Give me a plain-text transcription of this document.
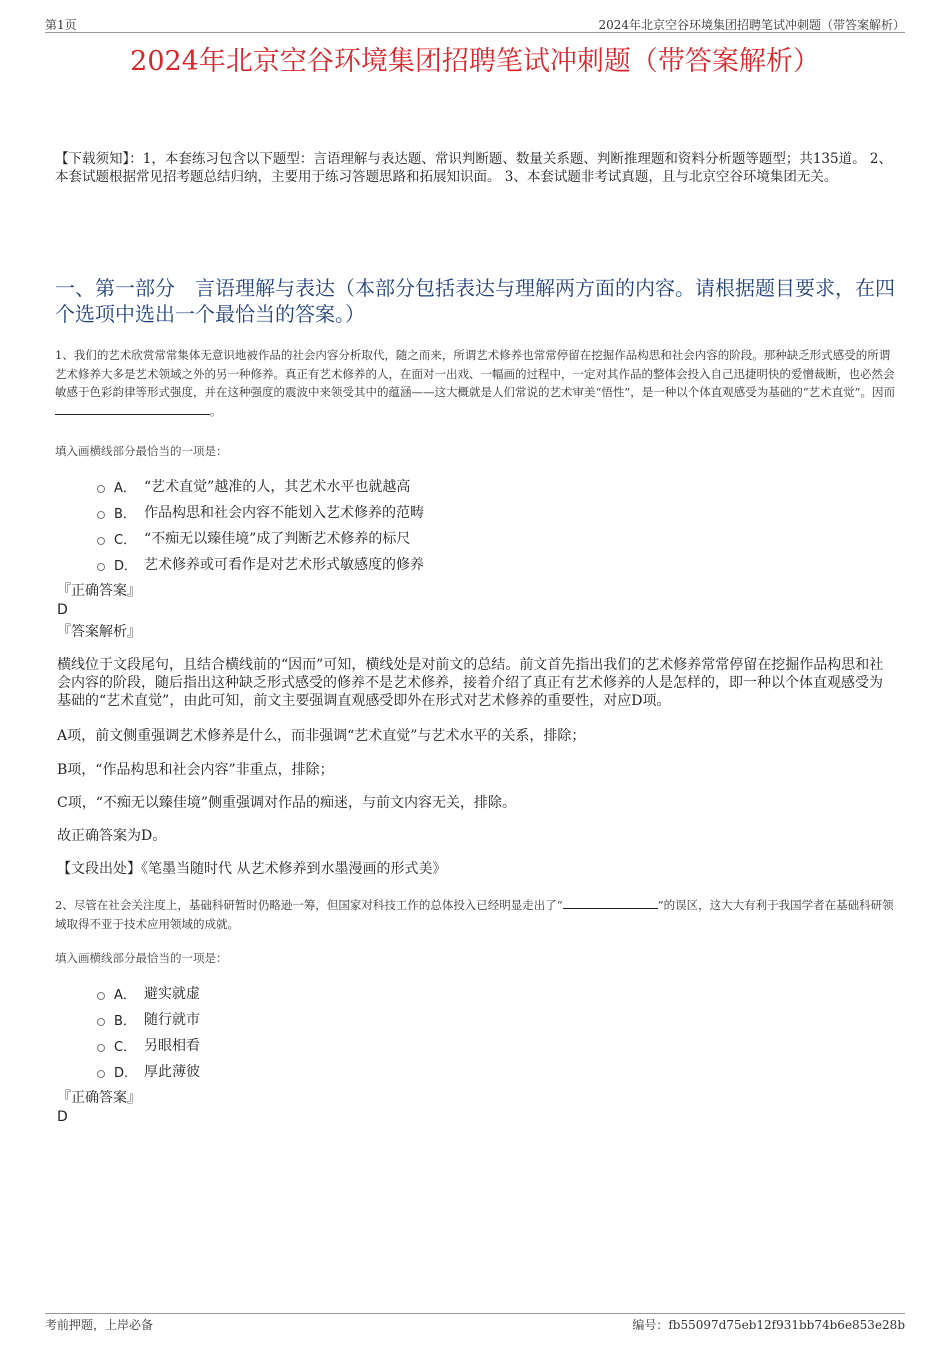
第1页	2024年北京空谷环境集团招聘笔试冲刺题（带答案解析）
2024年北京空谷环境集团招聘笔试冲刺题（带答案解析）
【下载须知】：1，本套练习包含以下题型：言语理解与表达题、常识判断题、数量关系题、判断推理题和资料分析题等题型；共135道。 2、本套试题根据常见招考题总结归纳，主要用于练习答题思路和拓展知识面。 3、本套试题非考试真题，且与北京空谷环境集团无关。
一、第一部分　言语理解与表达（本部分包括表达与理解两方面的内容。请根据题目要求，在四个选项中选出一个最恰当的答案。）
1、我们的艺术欣赏常常集体无意识地被作品的社会内容分析取代，随之而来，所谓艺术修养也常常停留在挖掘作品构思和社会内容的阶段。那种缺乏形式感受的所谓艺术修养大多是艺术领域之外的另一种修养。真正有艺术修养的人，在面对一出戏、一幅画的过程中，一定对其作品的整体会投入自己迅捷明快的爱憎裁断，也必然会敏感于色彩韵律等形式强度，并在这种强度的震波中来领受其中的蕴涵——这大概就是人们常说的艺术审美“悟性”，是一种以个体直观感受为基础的“艺术直觉”。因而。
填入画横线部分最恰当的一项是：
A． “艺术直觉”越准的人，其艺术水平也就越高
B． 作品构思和社会内容不能划入艺术修养的范畴
C． “不痴无以臻佳境”成了判断艺术修养的标尺
D． 艺术修养或可看作是对艺术形式敏感度的修养
『正确答案』
D
『答案解析』
横线位于文段尾句，且结合横线前的“因而”可知，横线处是对前文的总结。前文首先指出我们的艺术修养常常停留在挖掘作品构思和社会内容的阶段，随后指出这种缺乏形式感受的修养不是艺术修养，接着介绍了真正有艺术修养的人是怎样的，即一种以个体直观感受为基础的“艺术直觉”，由此可知，前文主要强调直观感受即外在形式对艺术修养的重要性，对应D项。
A项，前文侧重强调艺术修养是什么，而非强调“艺术直觉”与艺术水平的关系，排除；
B项，“作品构思和社会内容”非重点，排除；
C项，“不痴无以臻佳境”侧重强调对作品的痴迷，与前文内容无关，排除。
故正确答案为D。
【文段出处】《笔墨当随时代 从艺术修养到水墨漫画的形式美》
2、尽管在社会关注度上，基础科研暂时仍略逊一筹，但国家对科技工作的总体投入已经明显走出了“	”的误区，这大大有利于我国学者在基础科研领域取得不亚于技术应用领域的成就。
填入画横线部分最恰当的一项是：
A． 避实就虚
B． 随行就市
C． 另眼相看
D． 厚此薄彼
『正确答案』
D
考前押题，上岸必备	编号：fb55097d75eb12f931bb74b6e853e28b
